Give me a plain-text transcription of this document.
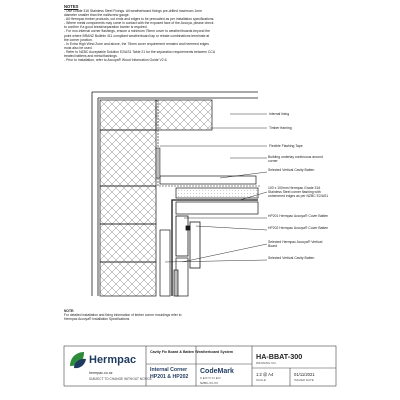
NOTES
- Use Grade 316 Stainless Steel Fixings. All weatherboard fixings pre-drilled maximum 1mm
diameter smaller than the nail/screw gauge.
- All Hermpac timber products, cut ends and edges to be precoated as per installation specifications.
- Where metal components may come in contact with the exposed face of the Accoya, please check
to confirm if a good break/separation barrier is required.
- For non-internal corner flashings, ensure a minimum 75mm cover to weather/boards beyond the
point where BRANZ Bulletin 411 compliant weatherboard lap or rebate combinations terminate at
the corner junction.
- In Extra High Wind Zone and above, the 75mm cover requirement remains and hemmed edges
must also be used.
- Refer to NZBC Acceptable Solution E2/AS1 Table 21 for the separation requirements between CCA
treated battens and metal flashings.
- Prior to installation, refer to Accoya® Wood Information Guide V2.6.
Internal lining
Timber framing
Flexible Flashing Tape
Building underlay continuous around corner
Selected Vertical Cavity Batten
100 x 100mm Hermpac Grade 316 Stainless Steel corner flashing with unhemmed edges as per NZBC E2/AS1
HP201 Hermpac Accoya® Cover Batten
HP202 Hermpac Accoya® Cover Batten
Selected Hermpac Accoya® Vertical Board
Selected Vertical Cavity Batten
NOTE:
For detailed installation and fixing information of timber corner mouldings refer to
Hermpac Accoya® Installation Specifications
Hermpac
hermpac.co.nz
SUBJECT TO CHANGE WITHOUT NOTICE
Cavity Fix Board & Batten Weatherboard System
Internal Corner
HP201 & HP202
CodeMark
CERTIFIED
NZBC-XX-XX
HA-BBAT-300
DRAWING NO.
1:2 @ A4
SCALE
01/11/2021
ISSUED DATE
